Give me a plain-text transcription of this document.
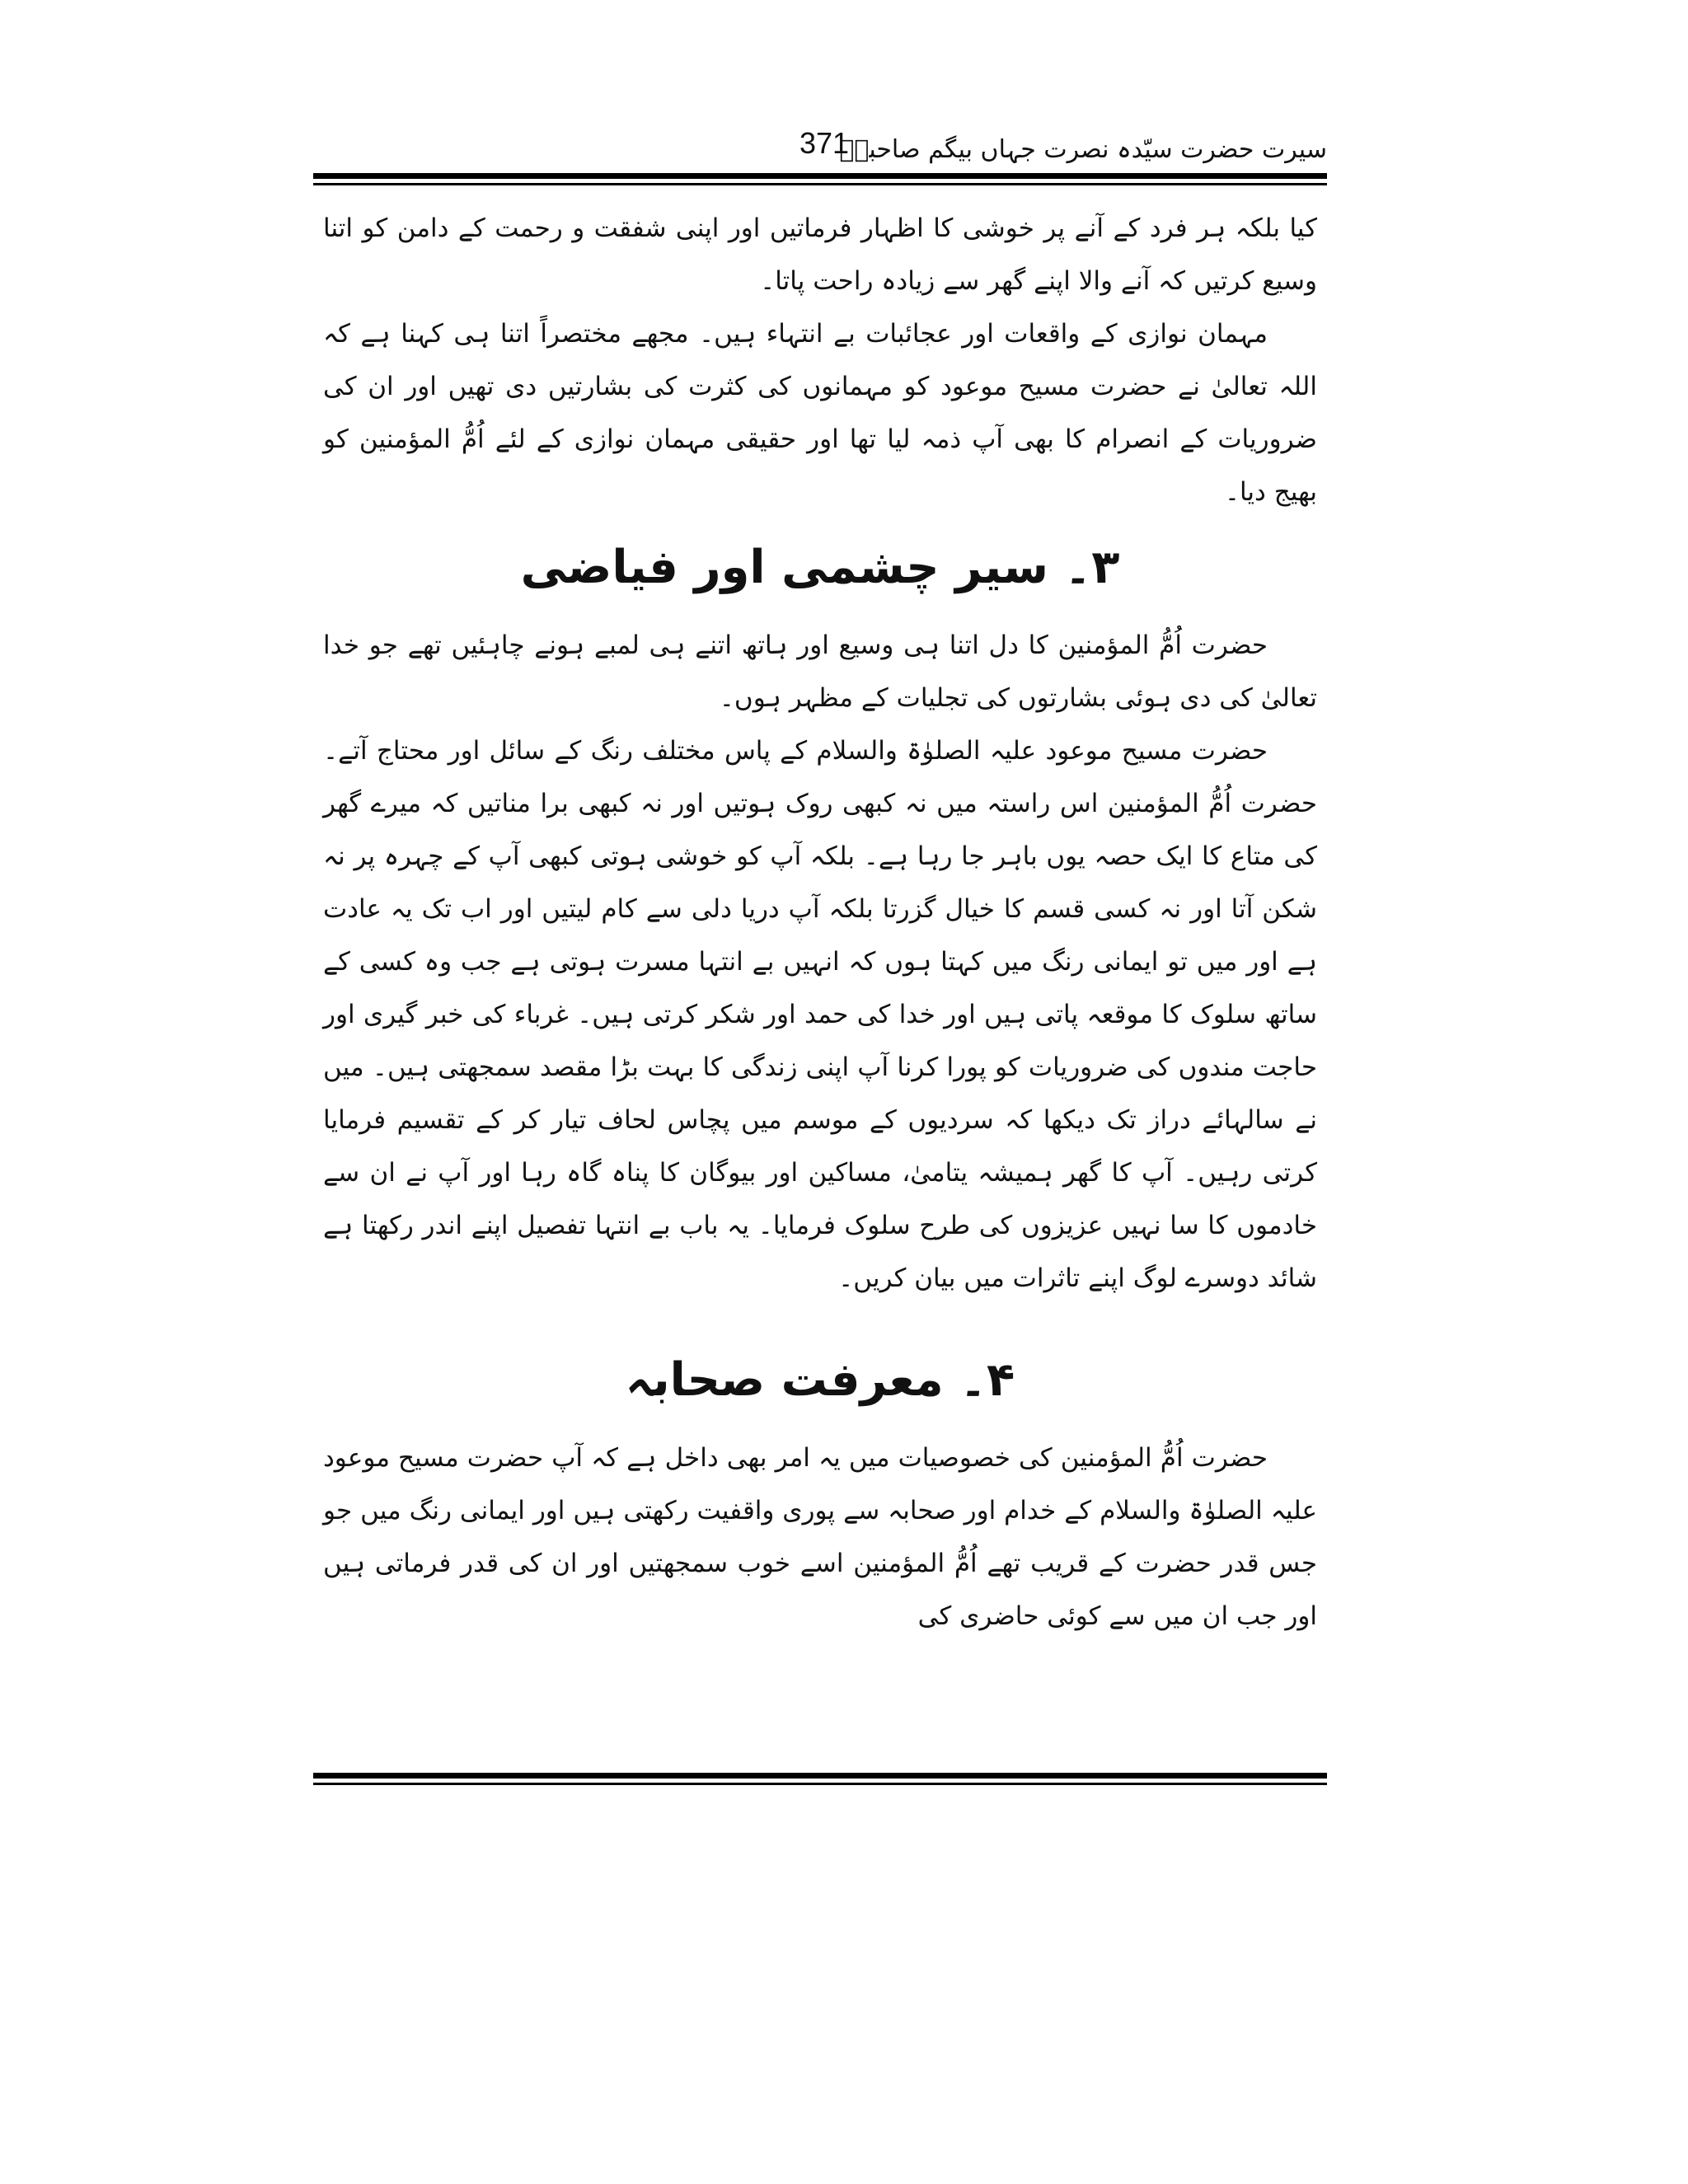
سیرت حضرت سیّدہ نصرت جہاں بیگم صاحبہؓ
371

کیا بلکہ ہر فرد کے آنے پر خوشی کا اظہار فرماتیں اور اپنی شفقت و رحمت کے دامن کو اتنا وسیع کرتیں کہ آنے والا اپنے گھر سے زیادہ راحت پاتا۔

مہمان نوازی کے واقعات اور عجائبات بے انتہاء ہیں۔ مجھے مختصراً اتنا ہی کہنا ہے کہ اللہ تعالیٰ نے حضرت مسیح موعود کو مہمانوں کی کثرت کی بشارتیں دی تھیں اور ان کی ضروریات کے انصرام کا بھی آپ ذمہ لیا تھا اور حقیقی مہمان نوازی کے لئے اُمُّ المؤمنین کو بھیج دیا۔

۳۔ سیر چشمی اور فیاضی

حضرت اُمُّ المؤمنین کا دل اتنا ہی وسیع اور ہاتھ اتنے ہی لمبے ہونے چاہئیں تھے جو خدا تعالیٰ کی دی ہوئی بشارتوں کی تجلیات کے مظہر ہوں۔

حضرت مسیح موعود علیہ الصلوٰۃ والسلام کے پاس مختلف رنگ کے سائل اور محتاج آتے۔ حضرت اُمُّ المؤمنین اس راستہ میں نہ کبھی روک ہوتیں اور نہ کبھی برا مناتیں کہ میرے گھر کی متاع کا ایک حصہ یوں باہر جا رہا ہے۔ بلکہ آپ کو خوشی ہوتی کبھی آپ کے چہرہ پر نہ شکن آتا اور نہ کسی قسم کا خیال گزرتا بلکہ آپ دریا دلی سے کام لیتیں اور اب تک یہ عادت ہے اور میں تو ایمانی رنگ میں کہتا ہوں کہ انہیں بے انتہا مسرت ہوتی ہے جب وہ کسی کے ساتھ سلوک کا موقعہ پاتی ہیں اور خدا کی حمد اور شکر کرتی ہیں۔ غرباء کی خبر گیری اور حاجت مندوں کی ضروریات کو پورا کرنا آپ اپنی زندگی کا بہت بڑا مقصد سمجھتی ہیں۔ میں نے سالہائے دراز تک دیکھا کہ سردیوں کے موسم میں پچاس لحاف تیار کر کے تقسیم فرمایا کرتی رہیں۔ آپ کا گھر ہمیشہ یتامیٰ، مساکین اور بیوگان کا پناہ گاہ رہا اور آپ نے ان سے خادموں کا سا نہیں عزیزوں کی طرح سلوک فرمایا۔ یہ باب بے انتہا تفصیل اپنے اندر رکھتا ہے شائد دوسرے لوگ اپنے تاثرات میں بیان کریں۔

۴۔ معرفت صحابہ

حضرت اُمُّ المؤمنین کی خصوصیات میں یہ امر بھی داخل ہے کہ آپ حضرت مسیح موعود علیہ الصلوٰۃ والسلام کے خدام اور صحابہ سے پوری واقفیت رکھتی ہیں اور ایمانی رنگ میں جو جس قدر حضرت کے قریب تھے اُمُّ المؤمنین اسے خوب سمجھتیں اور ان کی قدر فرماتی ہیں اور جب ان میں سے کوئی حاضری کی
